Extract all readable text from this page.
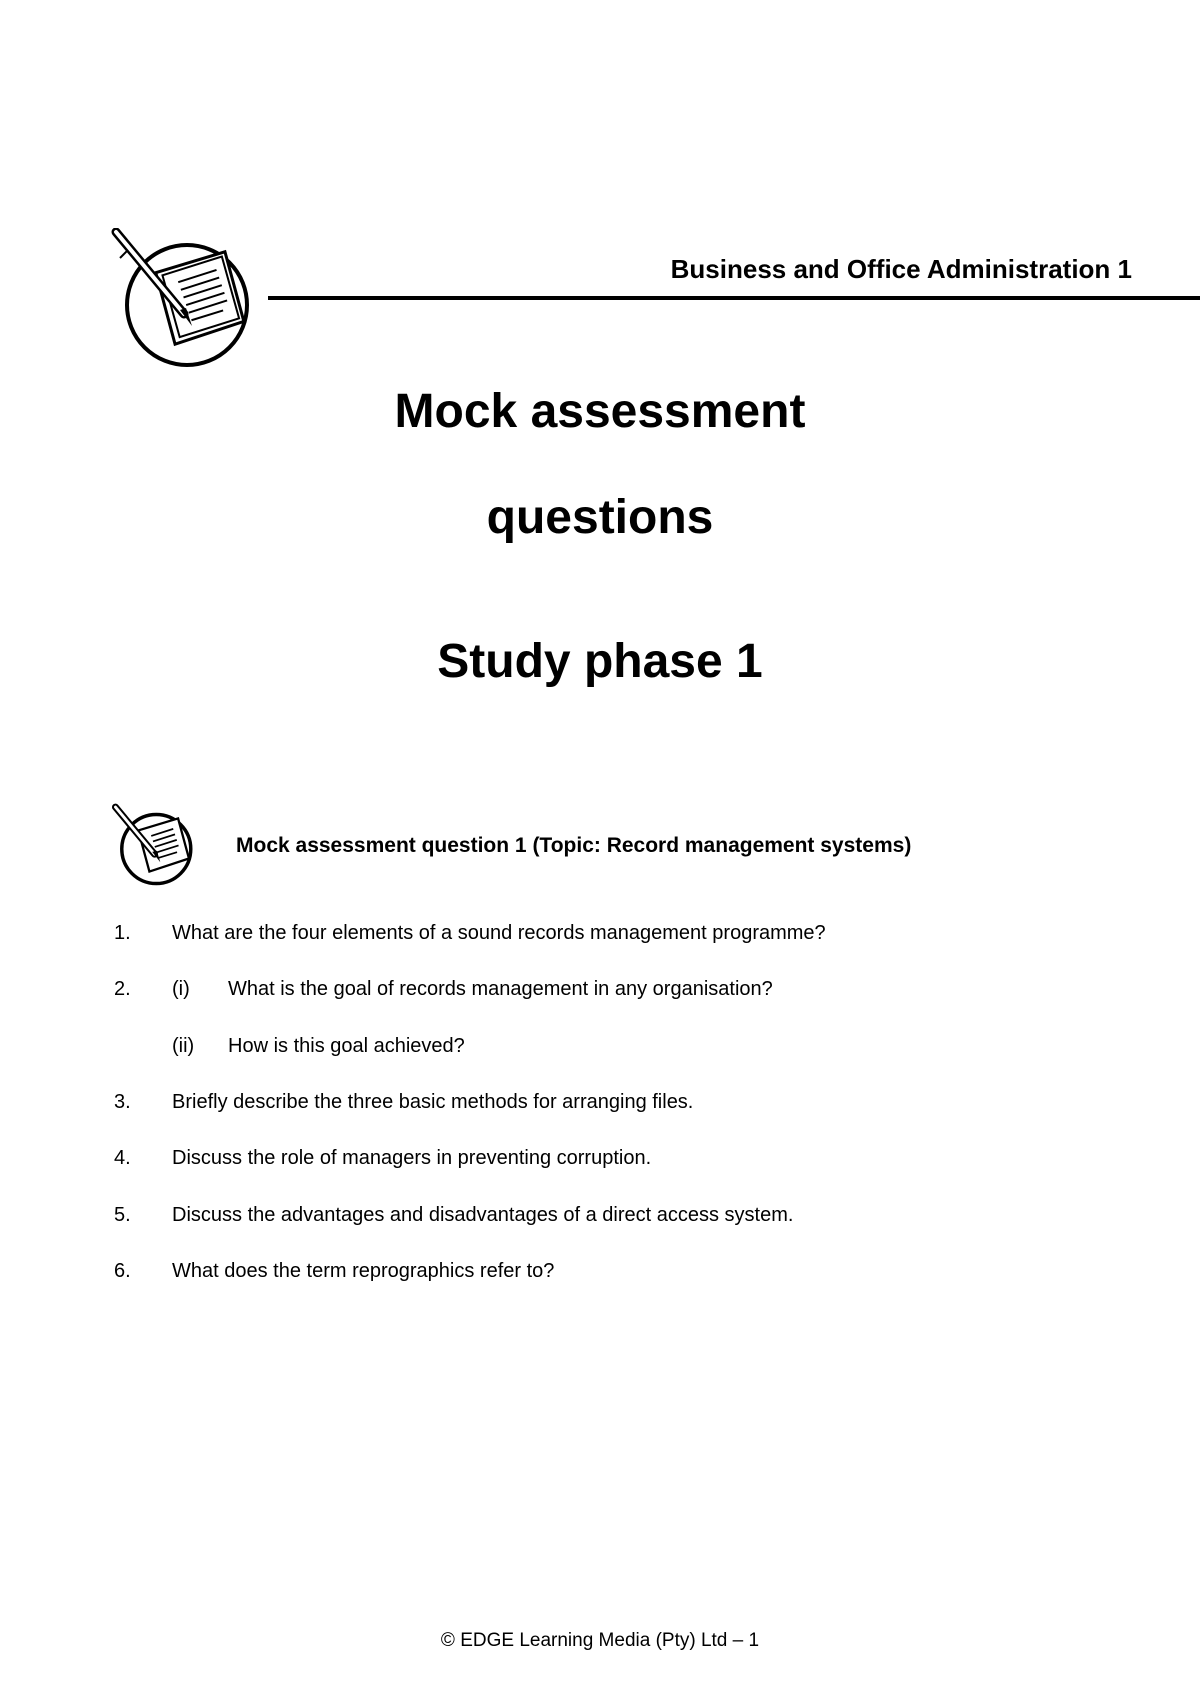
Business and Office Administration 1
Mock assessment
questions
Study phase 1
Mock assessment question 1 (Topic: Record management systems)
1. What are the four elements of a sound records management programme?
2. (i) What is the goal of records management in any organisation?
(ii) How is this goal achieved?
3. Briefly describe the three basic methods for arranging files.
4. Discuss the role of managers in preventing corruption.
5. Discuss the advantages and disadvantages of a direct access system.
6. What does the term reprographics refer to?
© EDGE Learning Media (Pty) Ltd – 1
